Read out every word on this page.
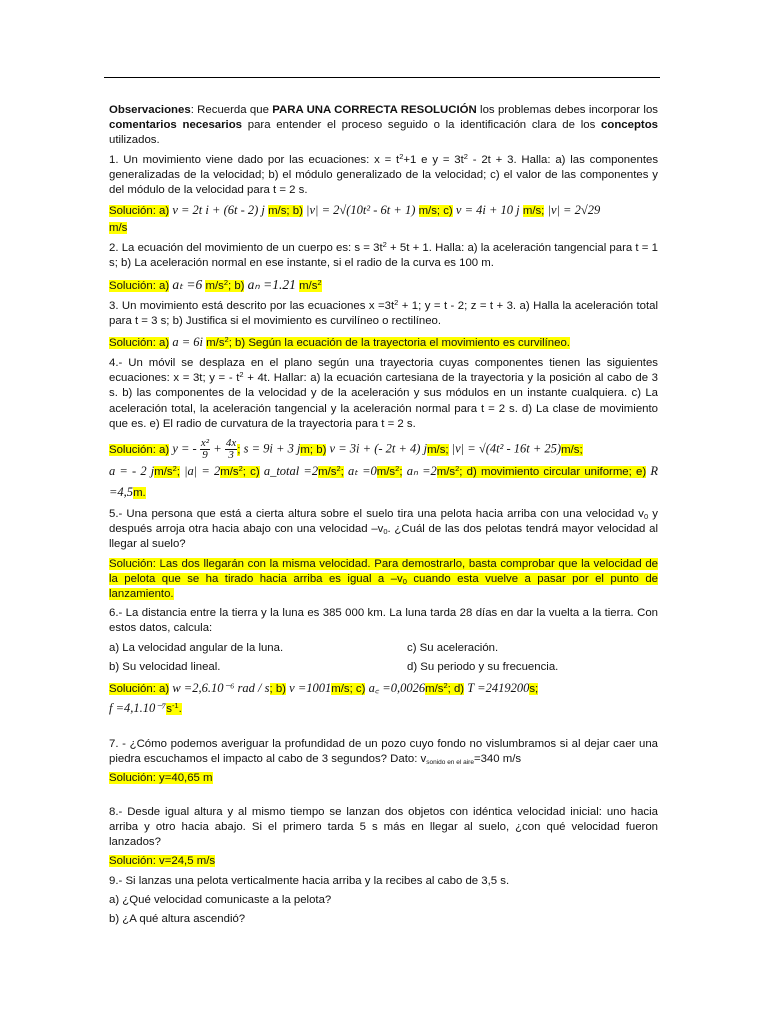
Observaciones: Recuerda que PARA UNA CORRECTA RESOLUCIÓN los problemas debes incorporar los comentarios necesarios para entender el proceso seguido o la identificación clara de los conceptos utilizados.

1. Un movimiento viene dado por las ecuaciones: $x = t^2+1$ e $y = 3t^2 - 2t + 3$. Halla: a) las componentes generalizadas de la velocidad; b) el módulo generalizado de la velocidad; c) el valor de las componentes y del módulo de la velocidad para t = 2 s.

Solución: a) v = 2t i + (6t - 2) j m/s; b) |v| = 2√(10t² - 6t + 1) m/s; c) v = 4i + 10 j m/s; |v| = 2√29
m/s

2. La ecuación del movimiento de un cuerpo es: $s = 3t^2 + 5t + 1$. Halla: a) la aceleración tangencial para t = 1 s; b) La aceleración normal en ese instante, si el radio de la curva es 100 m.

Solución: a) aₜ =6 $m/s^2$; b) aₙ =1.21 $m/s^2$

3. Un movimiento está descrito por las ecuaciones $x =3t^2 + 1$; y = t - 2; z = t + 3. a) Halla la aceleración total para t = 3 s; b) Justifica si el movimiento es curvilíneo o rectilíneo.

Solución: a) a = 6i $m/s^2$; b) Según la ecuación de la trayectoria el movimiento es curvilíneo.

4.- Un móvil se desplaza en el plano según una trayectoria cuyas componentes tienen las siguientes ecuaciones: x = 3t; y = - $t^2 + 4t$. Hallar: a) la ecuación cartesiana de la trayectoria y la posición al cabo de 3 s. b) las componentes de la velocidad y de la aceleración y sus módulos en un instante cualquiera. c) La aceleración total, la aceleración tangencial y la aceleración normal para t = 2 s. d) La clase de movimiento que es. e) El radio de curvatura de la trayectoria para t = 2 s.

Solución: a) y = - $\frac{\text{x²}}{9} + \frac{4x}{3}$ ; s = 9i + 3 jm; b) v = 3i + (- 2t + 4) jm/s; |v| = √(4t² - 16t + 25)m/s;
a = - 2 $jm/s^2$; $|a| = 2m/s^2$; c) a_total $=2m/s^2$; $a_t =0m/s^2$; $a_n =2m/s^2$; d) movimiento circular uniforme; e) R =4,5m.

5.- Una persona que está a cierta altura sobre el suelo tira una pelota hacia arriba con una velocidad $v_0$ y después arroja otra hacia abajo con una velocidad $-v_0$. ¿Cuál de las dos pelotas tendrá mayor velocidad al llegar al suelo?

Solución: Las dos llegarán con la misma velocidad. Para demostrarlo, basta comprobar que la velocidad de la pelota que se ha tirado hacia arriba es igual a $-v_0$ cuando esta vuelve a pasar por el punto de lanzamiento.

6.- La distancia entre la tierra y la luna es 385 000 km. La luna tarda 28 días en dar la vuelta a la tierra. Con estos datos, calcula:

a) La velocidad angular de la luna.	c) Su aceleración.

b) Su velocidad lineal.	d) Su periodo y su frecuencia.

Solución: a) w =2,6.10⁻⁶ rad / s; b) v =1001m/s; c) a꜀ $=0,0026m/s^2$; d) T =2419200s;
$f =4,1.10^{-7}s^{-1}$.

7. - ¿Cómo podemos averiguar la profundidad de un pozo cuyo fondo no vislumbramos si al dejar caer una piedra escuchamos el impacto al cabo de 3 segundos? Dato: $v_{sonido en el aire}=340$ m/s

Solución: y=40,65 m

8.- Desde igual altura y al mismo tiempo se lanzan dos objetos con idéntica velocidad inicial: uno hacia arriba y otro hacia abajo. Si el primero tarda 5 s más en llegar al suelo, ¿con qué velocidad fueron lanzados?

Solución: v=24,5 m/s

9.- Si lanzas una pelota verticalmente hacia arriba y la recibes al cabo de 3,5 s.

a) ¿Qué velocidad comunicaste a la pelota?

b) ¿A qué altura ascendió?
